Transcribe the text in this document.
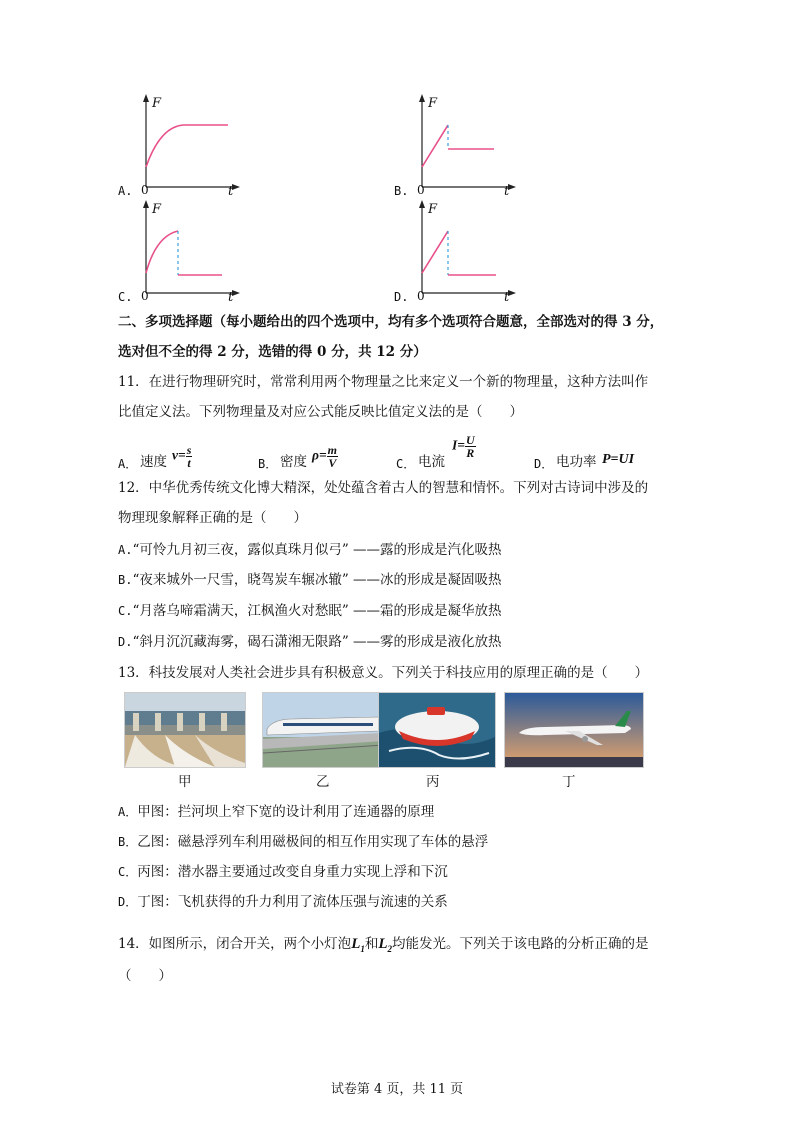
A.
F
t
0	B.
F
t
0
C.
F
t
0	D.
F
t
0
二、多项选择题（每小题给出的四个选项中，均有多个选项符合题意，全部选对的得 3 分，
选对但不全的得 2 分，选错的得 0 分，共 12 分）
11．在进行物理研究时，常常利用两个物理量之比来定义一个新的物理量，这种方法叫作
比值定义法。下列物理量及对应公式能反映比值定义法的是（　　）
A． 速度 $v= \frac{s}{t}$	B． 密度 $\rho= \frac{m}{V}$	C． 电流
$I= \frac{U}{R}$
D． 电功率 P=UI
12．中华优秀传统文化博大精深，处处蕴含着古人的智慧和情怀。下列对古诗词中涉及的
物理现象解释正确的是（　　）
A.“可怜九月初三夜，露似真珠月似弓” ——露的形成是汽化吸热
B.“夜来城外一尺雪，晓驾炭车辗冰辙” ——冰的形成是凝固吸热
C.“月落乌啼霜满天，江枫渔火对愁眠” ——霜的形成是凝华放热
D.“斜月沉沉藏海雾，碣石潇湘无限路” ——雾的形成是液化放热
13．科技发展对人类社会进步具有积极意义。下列关于科技应用的原理正确的是（　　）
甲	乙	丙	丁
A．甲图：拦河坝上窄下宽的设计利用了连通器的原理
B．乙图：磁悬浮列车利用磁极间的相互作用实现了车体的悬浮
C．丙图：潜水器主要通过改变自身重力实现上浮和下沉
D．丁图：飞机获得的升力利用了流体压强与流速的关系
14．如图所示，闭合开关，两个小灯泡$L_1$和$L_2$均能发光。下列关于该电路的分析正确的是
（　　）
试卷第 4 页，共 11 页
